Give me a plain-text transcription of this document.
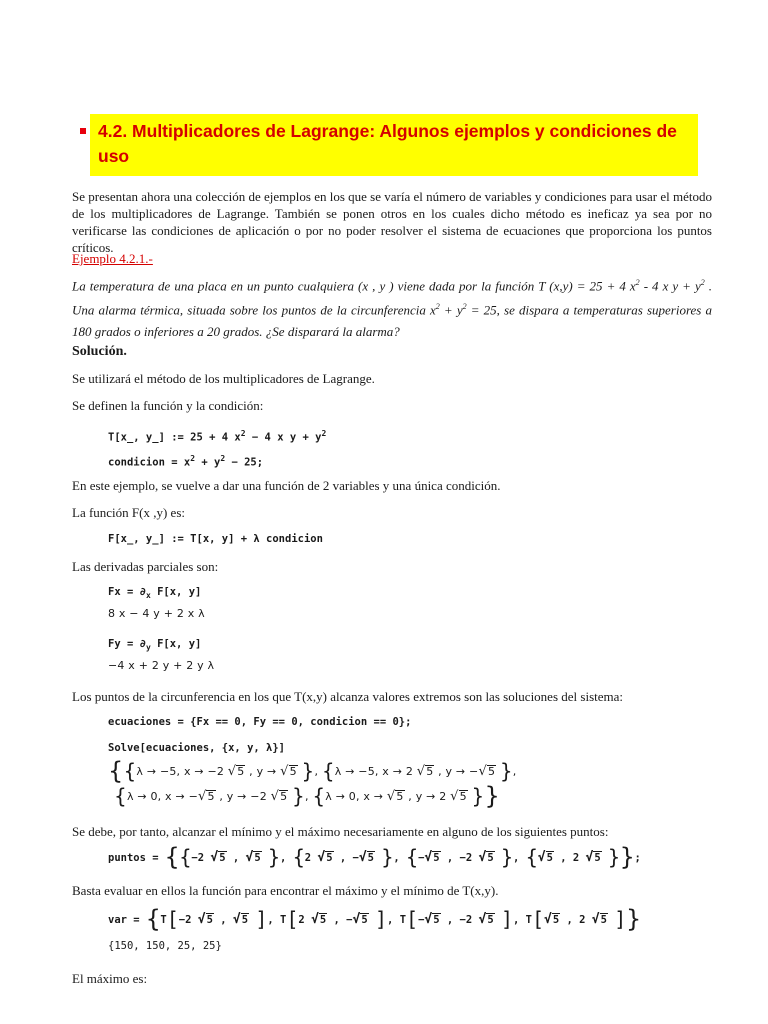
4.2. Multiplicadores de Lagrange: Algunos ejemplos y condiciones de uso
Se presentan ahora una colección de ejemplos en los que se varía el número de variables y condiciones para usar el método de los multiplicadores de Lagrange. También se ponen otros en los cuales dicho método es ineficaz ya sea por no verificarse las condiciones de aplicación o por no poder resolver el sistema de ecuaciones que proporciona los puntos críticos.
Ejemplo 4.2.1.-
La temperatura de una placa en un punto cualquiera (x , y ) viene dada por la función T (x,y) = 25 + 4 $x^2 - 4$ x $y + y^2$ . Una alarma térmica, situada sobre los puntos de la circunferencia $x^2 + y^2 = 25$, se dispara a temperaturas superiores a 180 grados o inferiores a 20 grados. ¿Se disparará la alarma?
Solución.
Se utilizará el método de los multiplicadores de Lagrange.
Se definen la función y la condición:
T[x_, y_] := 25 + 4 $x^2 - 4$ x $y + y^2$
condicion = $x^2 + y^2 - 25$;
En este ejemplo, se vuelve a dar una función de 2 variables y una única condición.
La función F(x ,y) es:
F[x_, y_] := T[x, y] + λ condicion
Las derivadas parciales son:
$Fx = \partial_x$ F[x, y]
8 x − 4 y + 2 x λ
$Fy = \partial_y$ F[x, y]
−4 x + 2 y + 2 y λ
Los puntos de la circunferencia en los que T(x,y) alcanza valores extremos son las soluciones del sistema:
ecuaciones = {Fx == 0, Fy == 0, condicion == 0};
Solve[ecuaciones, {x, y, λ}]
{{λ → −5, x → −2 √5 , y → √5 }, {λ → −5, x → 2 √5 , y → −√5 },
{λ → 0, x → −√5 , y → −2 √5 }, {λ → 0, x → √5 , y → 2 √5 }}
Se debe, por tanto, alcanzar el mínimo y el máximo necesariamente en alguno de los siguientes puntos:
puntos = {{−2 √5 , √5 }, {2 √5 , −√5 }, {−√5 , −2 √5 }, {√5 , 2 √5 }};
Basta evaluar en ellos la función para encontrar el máximo y el mínimo de T(x,y).
var = {T[−2 √5 , √5 ], T[2 √5 , −√5 ], T[−√5 , −2 √5 ], T[√5 , 2 √5 ]}
{150, 150, 25, 25}
El máximo es:
